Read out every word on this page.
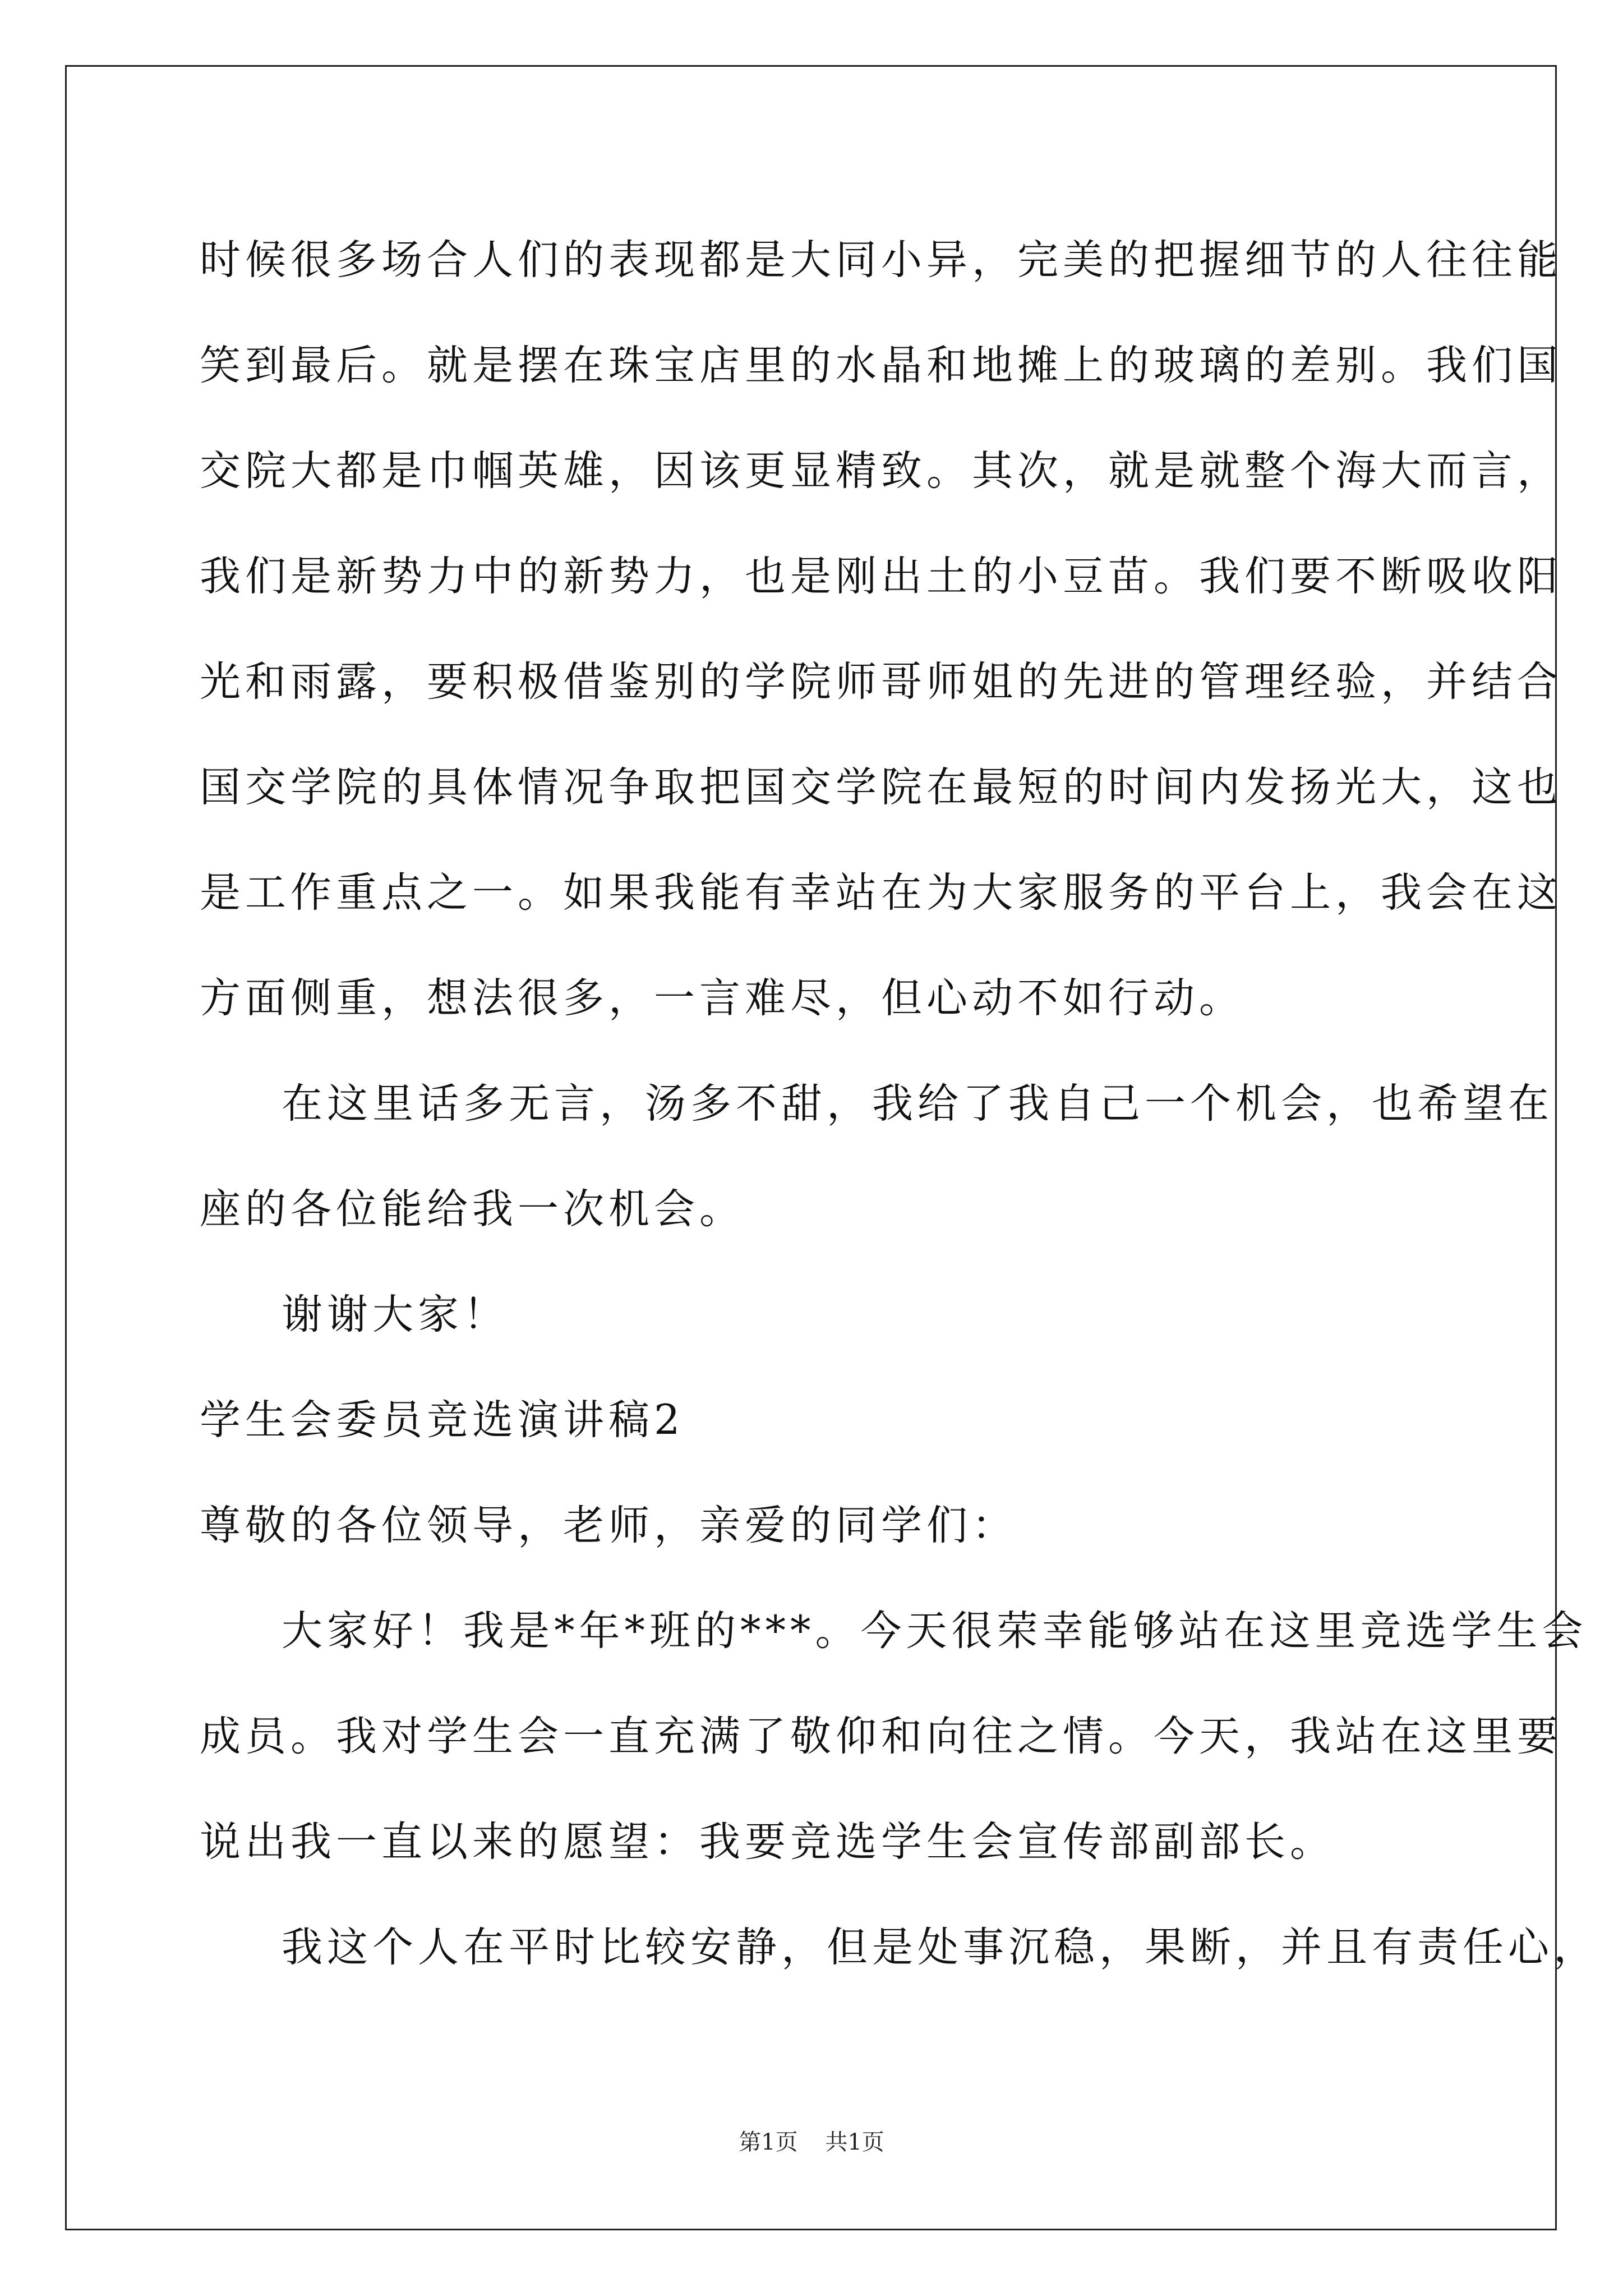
时候很多场合人们的表现都是大同小异，完美的把握细节的人往往能
笑到最后。就是摆在珠宝店里的水晶和地摊上的玻璃的差别。我们国
交院大都是巾帼英雄，因该更显精致。其次，就是就整个海大而言，
我们是新势力中的新势力，也是刚出土的小豆苗。我们要不断吸收阳
光和雨露，要积极借鉴别的学院师哥师姐的先进的管理经验，并结合
国交学院的具体情况争取把国交学院在最短的时间内发扬光大，这也
是工作重点之一。如果我能有幸站在为大家服务的平台上，我会在这
方面侧重，想法很多，一言难尽，但心动不如行动。
在这里话多无言，汤多不甜，我给了我自己一个机会，也希望在
座的各位能给我一次机会。
谢谢大家！
学生会委员竞选演讲稿2
尊敬的各位领导，老师，亲爱的同学们：
大家好！我是*年*班的***。今天很荣幸能够站在这里竞选学生会
成员。我对学生会一直充满了敬仰和向往之情。今天，我站在这里要
说出我一直以来的愿望：我要竞选学生会宣传部副部长。
我这个人在平时比较安静，但是处事沉稳，果断，并且有责任心，
第1页 共1页
